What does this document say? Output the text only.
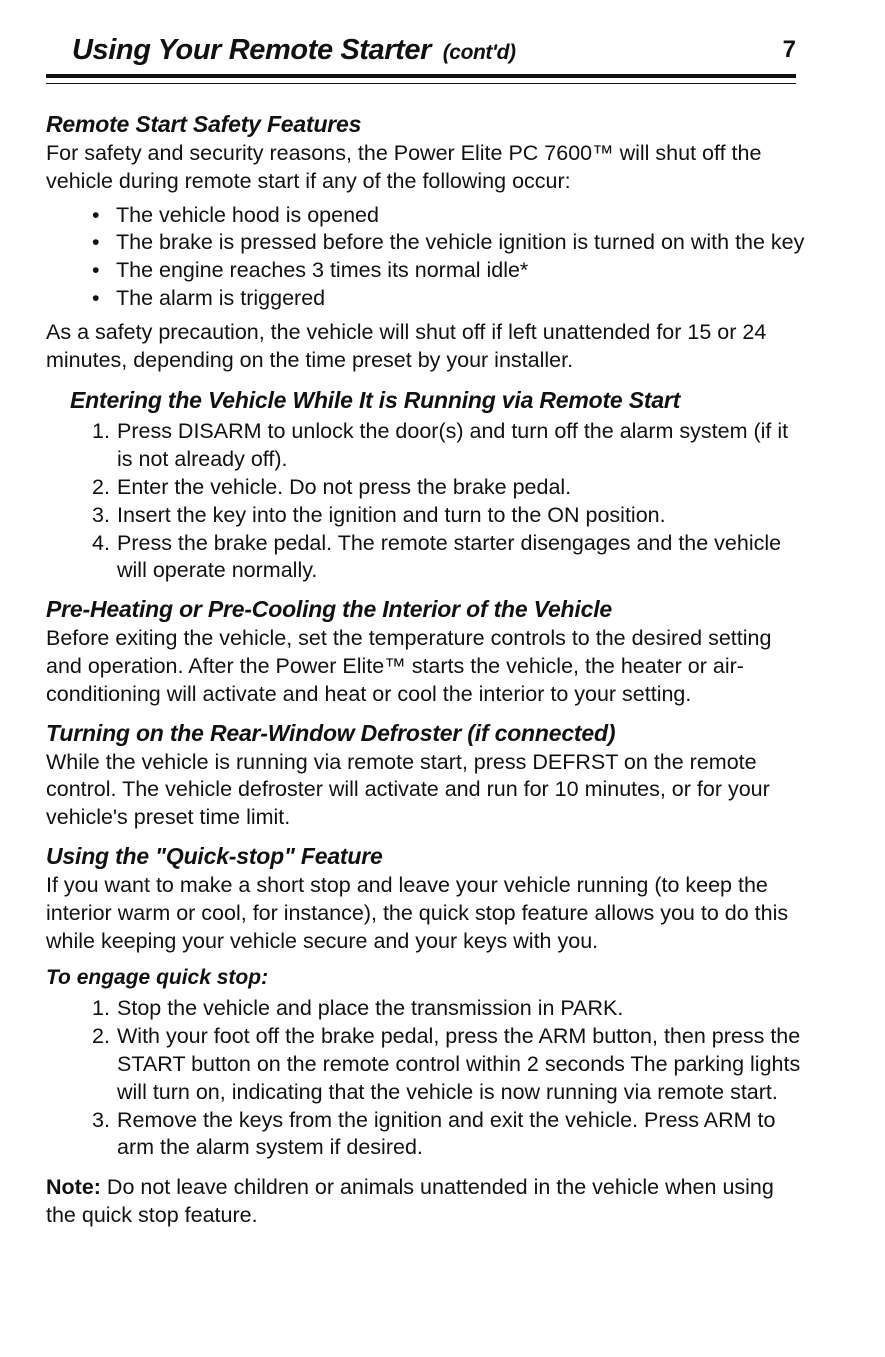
Using Your Remote Starter (cont'd)	7
Remote Start Safety Features

For safety and security reasons, the Power Elite PC 7600™ will shut off the vehicle during remote start if any of the following occur:

• The vehicle hood is opened
• The brake is pressed before the vehicle ignition is turned on with the key
• The engine reaches 3 times its normal idle*
• The alarm is triggered

As a safety precaution, the vehicle will shut off if left unattended for 15 or 24 minutes, depending on the time preset by your installer.

Entering the Vehicle While It is Running via Remote Start
1. Press DISARM to unlock the door(s) and turn off the alarm system (if it is not already off).
2. Enter the vehicle. Do not press the brake pedal.
3. Insert the key into the ignition and turn to the ON position.
4. Press the brake pedal. The remote starter disengages and the vehicle will operate normally.
Pre-Heating or Pre-Cooling the Interior of the Vehicle

Before exiting the vehicle, set the temperature controls to the desired setting and operation. After the Power Elite™ starts the vehicle, the heater or air-conditioning will activate and heat or cool the interior to your setting.

Turning on the Rear-Window Defroster (if connected)

While the vehicle is running via remote start, press DEFRST on the remote control. The vehicle defroster will activate and run for 10 minutes, or for your vehicle's preset time limit.

Using the "Quick-stop" Feature

If you want to make a short stop and leave your vehicle running (to keep the interior warm or cool, for instance), the quick stop feature allows you to do this while keeping your vehicle secure and your keys with you.

To engage quick stop:
1. Stop the vehicle and place the transmission in PARK.
2. With your foot off the brake pedal, press the ARM button, then press the START button on the remote control within 2 seconds The parking lights will turn on, indicating that the vehicle is now running via remote start.
3. Remove the keys from the ignition and exit the vehicle. Press ARM to arm the alarm system if desired.

Note: Do not leave children or animals unattended in the vehicle when using the quick stop feature.
